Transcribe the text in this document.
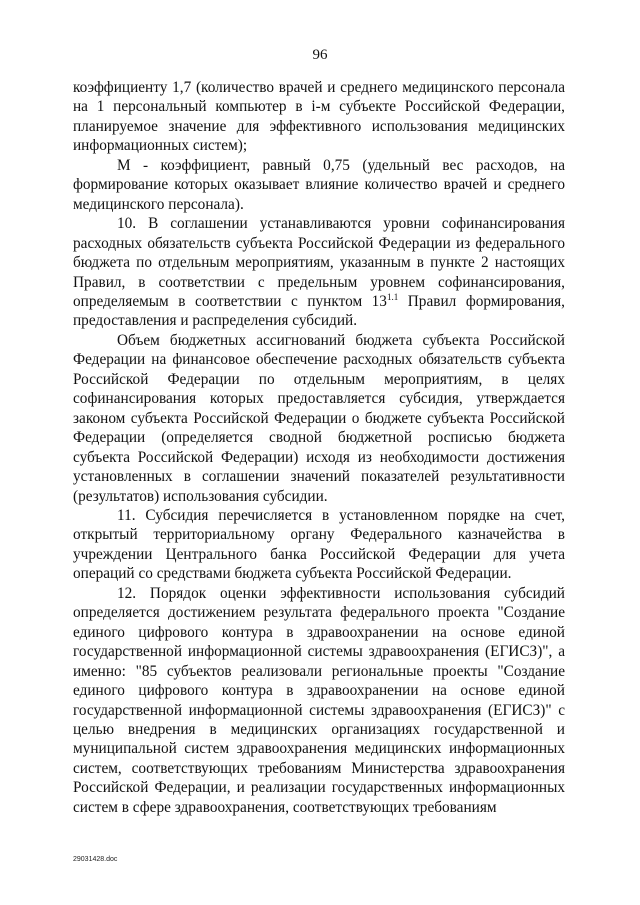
96

коэффициенту 1,7 (количество врачей и среднего медицинского персонала на 1 персональный компьютер в i-м субъекте Российской Федерации, планируемое значение для эффективного использования медицинских информационных систем);

М - коэффициент, равный 0,75 (удельный вес расходов, на формирование которых оказывает влияние количество врачей и среднего медицинского персонала).

10. В соглашении устанавливаются уровни софинансирования расходных обязательств субъекта Российской Федерации из федерального бюджета по отдельным мероприятиям, указанным в пункте 2 настоящих Правил, в соответствии с предельным уровнем софинансирования, определяемым в соответствии с пунктом $13^{1.1}$ Правил формирования, предоставления и распределения субсидий.

Объем бюджетных ассигнований бюджета субъекта Российской Федерации на финансовое обеспечение расходных обязательств субъекта Российской Федерации по отдельным мероприятиям, в целях софинансирования которых предоставляется субсидия, утверждается законом субъекта Российской Федерации о бюджете субъекта Российской Федерации (определяется сводной бюджетной росписью бюджета субъекта Российской Федерации) исходя из необходимости достижения установленных в соглашении значений показателей результативности (результатов) использования субсидии.

11. Субсидия перечисляется в установленном порядке на счет, открытый территориальному органу Федерального казначейства в учреждении Центрального банка Российской Федерации для учета операций со средствами бюджета субъекта Российской Федерации.

12. Порядок оценки эффективности использования субсидий определяется достижением результата федерального проекта "Создание единого цифрового контура в здравоохранении на основе единой государственной информационной системы здравоохранения (ЕГИСЗ)", а именно: "85 субъектов реализовали региональные проекты "Создание единого цифрового контура в здравоохранении на основе единой государственной информационной системы здравоохранения (ЕГИСЗ)" с целью внедрения в медицинских организациях государственной и муниципальной систем здравоохранения медицинских информационных систем, соответствующих требованиям Министерства здравоохранения Российской Федерации, и реализации государственных информационных систем в сфере здравоохранения, соответствующих требованиям

29031428.doc
